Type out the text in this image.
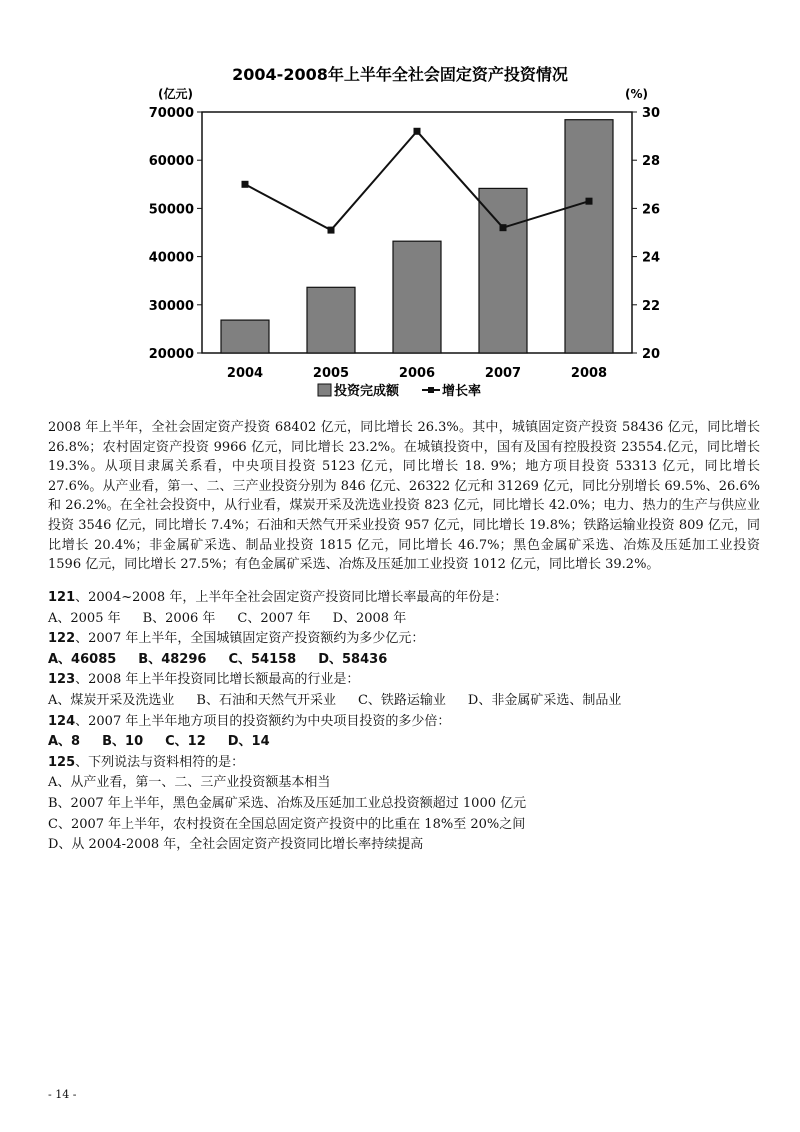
2004-2008年上半年全社会固定资产投资情况
(亿元)	(%)
70000
60000
50000
40000
30000
20000
30
28
26
24
22
20
2004	2005	2006	2007	2008
投资完成额	增长率

2008 年上半年，全社会固定资产投资 68402 亿元，同比增长 26.3%。其中，城镇固定资产投资 58436 亿元，同比增长 26.8%；农村固定资产投资 9966 亿元，同比增长 23.2%。在城镇投资中，国有及国有控股投资 23554.亿元，同比增长 19.3%。从项目隶属关系看，中央项目投资 5123 亿元，同比增长 18. 9%；地方项目投资 53313 亿元，同比增长 27.6%。从产业看，第一、二、三产业投资分别为 846 亿元、26322 亿元和 31269 亿元，同比分别增长 69.5%、26.6%和 26.2%。在全社会投资中，从行业看，煤炭开采及洗选业投资 823 亿元，同比增长 42.0%；电力、热力的生产与供应业投资 3546 亿元，同比增长 7.4%；石油和天然气开采业投资 957 亿元，同比增长 19.8%；铁路运输业投资 809 亿元，同比增长 20.4%；非金属矿采选、制品业投资 1815 亿元，同比增长 46.7%；黑色金属矿采选、冶炼及压延加工业投资 1596 亿元，同比增长 27.5%；有色金属矿采选、冶炼及压延加工业投资 1012 亿元，同比增长 39.2%。

121、2004~2008 年，上半年全社会固定资产投资同比增长率最高的年份是：
A、2005 年 B、2006 年 C、2007 年 D、2008 年
122、2007 年上半年，全国城镇固定资产投资额约为多少亿元：
A、46085 B、48296 C、54158 D、58436
123、2008 年上半年投资同比增长额最高的行业是：
A、煤炭开采及洗选业 B、石油和天然气开采业 C、铁路运输业 D、非金属矿采选、制品业
124、2007 年上半年地方项目的投资额约为中央项目投资的多少倍：
A、8 B、10 C、12 D、14
125、下列说法与资料相符的是：
A、从产业看，第一、二、三产业投资额基本相当
B、2007 年上半年，黑色金属矿采选、冶炼及压延加工业总投资额超过 1000 亿元
C、2007 年上半年，农村投资在全国总固定资产投资中的比重在 18%至 20%之间
D、从 2004-2008 年，全社会固定资产投资同比增长率持续提高
- 14 -
